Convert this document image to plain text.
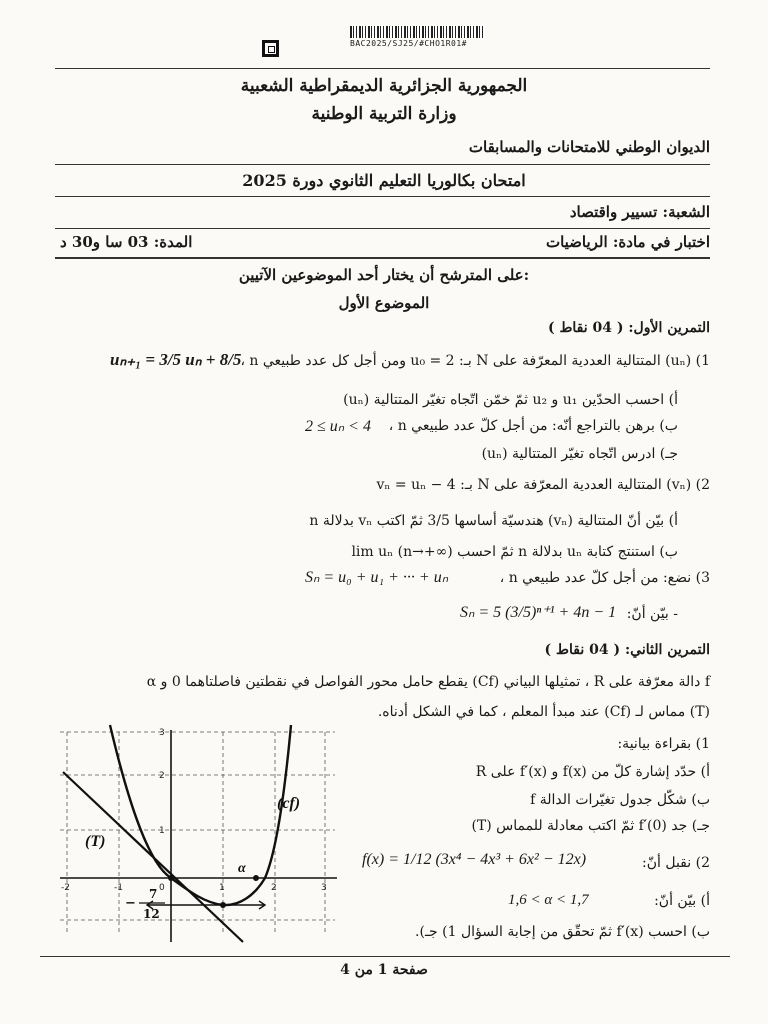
BAC2025/SJ25/#CHO1R01#
الجمهورية الجزائرية الديمقراطية الشعبية
وزارة التربية الوطنية
الديوان الوطني للامتحانات والمسابقات
امتحان بكالوريا التعليم الثانوي دورة 2025
الشعبة: تسيير واقتصاد
اختبار في مادة: الرياضيات
المدة: 03 سا و30 د
على المترشح أن يختار أحد الموضوعين الآتيين:
الموضوع الأول
التمرين الأول: ( 04 نقاط )
1) (uₙ) المتتالية العددية المعرّفة على N بـ: u₀ = 2 ومن أجل كل عدد طبيعي n ،
uₙ₊₁ = 3/5 uₙ + 8/5
أ) احسب الحدّين u₁ و u₂ ثمّ خمّن اتّجاه تغيّر المتتالية (uₙ)
ب) برهن بالتراجع أنّه: من أجل كلّ عدد طبيعي n ،
2 ≤ uₙ < 4
جـ) ادرس اتّجاه تغيّر المتتالية (uₙ)
2) (vₙ) المتتالية العددية المعرّفة على N بـ: vₙ = uₙ − 4
أ) بيّن أنّ المتتالية (vₙ) هندسيّة أساسها 3/5 ثمّ اكتب vₙ بدلالة n
ب) استنتج كتابة uₙ بدلالة n ثمّ احسب lim uₙ (n→+∞)
3) نضع: من أجل كلّ عدد طبيعي n ،
Sₙ = u₀ + u₁ + ··· + uₙ
- بيّن أنّ:
Sₙ = 5 (3/5)ⁿ⁺¹ + 4n − 1
التمرين الثاني: ( 04 نقاط )
f دالة معرّفة على R ، تمثيلها البياني (Cf) يقطع حامل محور الفواصل في نقطتين فاصلتاهما 0 و α
(T) مماس لـ (Cf) عند مبدأ المعلم ، كما في الشكل أدناه.
1) بقراءة بيانية:
أ) حدّد إشارة كلّ من f(x) و f′(x) على R
ب) شكّل جدول تغيّرات الدالة f
جـ) جد f′(0) ثمّ اكتب معادلة للمماس (T)
2) نقبل أنّ:
f(x) = 1/12 (3x⁴ − 4x³ + 6x² − 12x)
أ) بيّن أنّ:
1,6 < α < 1,7
ب) احسب f′(x) ثمّ تحقّق من إجابة السؤال 1) جـ).
-2	-1	0	1	2	3
3
2
1
(cf)
(T)
α
7
12
−
صفحة 1 من 4
